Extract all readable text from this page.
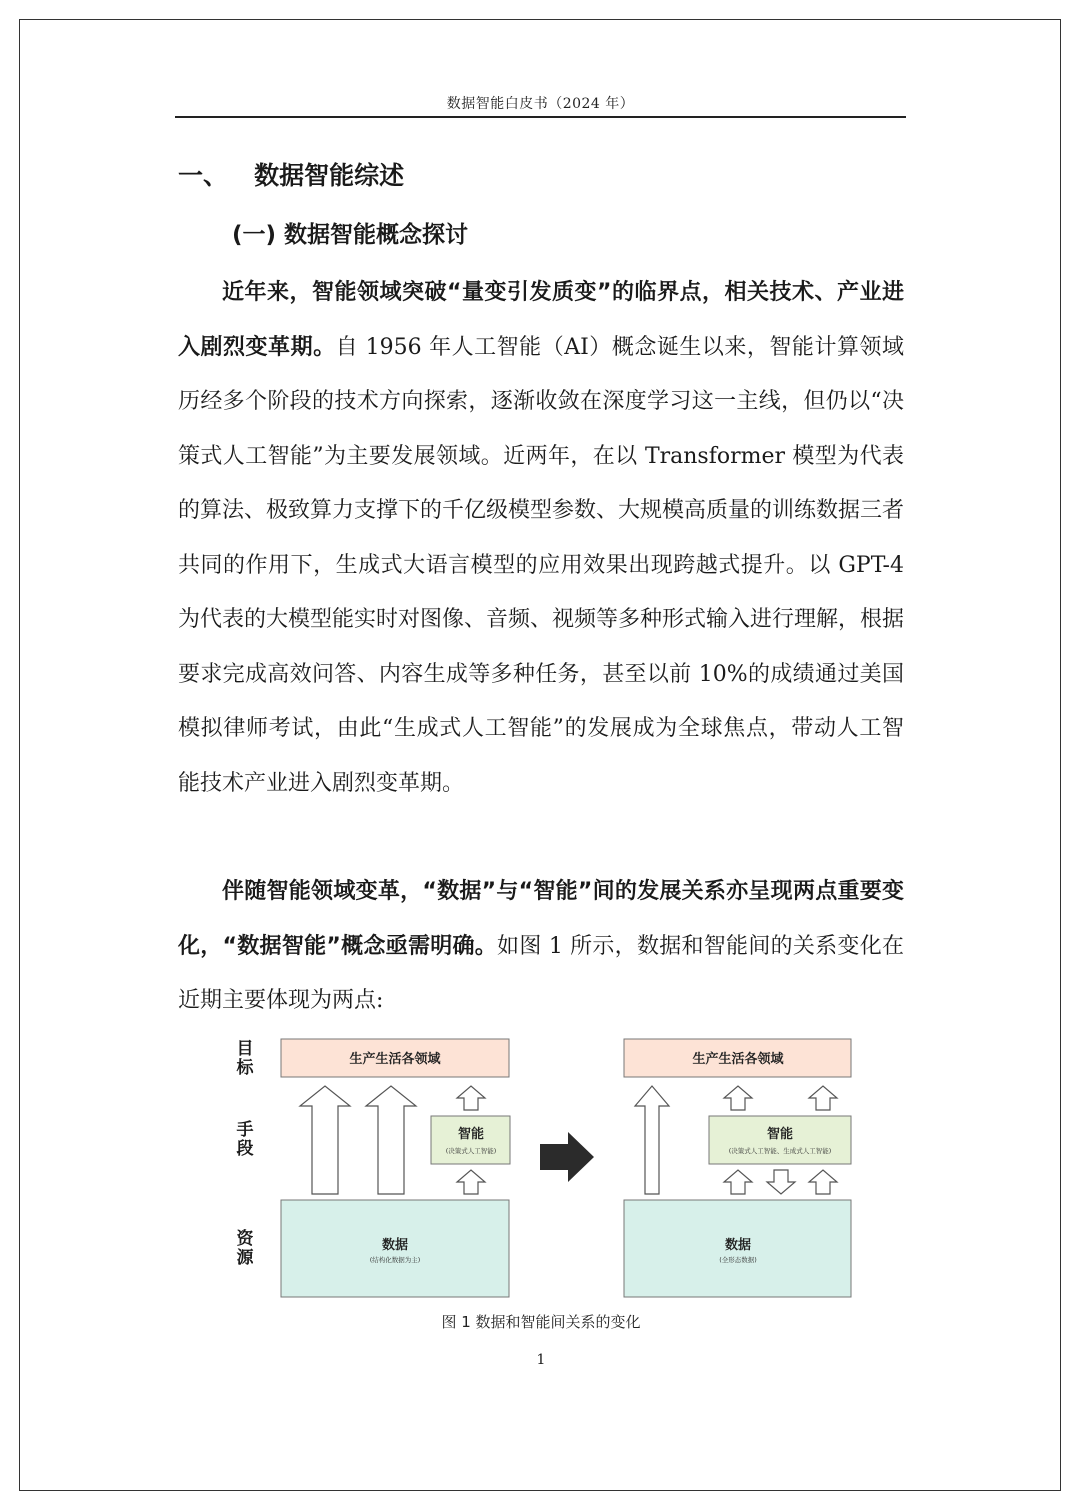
数据智能白皮书（2024 年）
一、   数据智能综述
(一) 数据智能概念探讨

近年来，智能领域突破“量变引发质变”的临界点，相关技术、产业进入剧烈变革期。自 1956 年人工智能（AI）概念诞生以来，智能计算领域历经多个阶段的技术方向探索，逐渐收敛在深度学习这一主线，但仍以“决策式人工智能”为主要发展领域。近两年，在以 Transformer 模型为代表的算法、极致算力支撑下的千亿级模型参数、大规模高质量的训练数据三者共同的作用下，生成式大语言模型的应用效果出现跨越式提升。以 GPT-4 为代表的大模型能实时对图像、音频、视频等多种形式输入进行理解，根据要求完成高效问答、内容生成等多种任务，甚至以前 10%的成绩通过美国模拟律师考试，由此“生成式人工智能”的发展成为全球焦点，带动人工智能技术产业进入剧烈变革期。

伴随智能领域变革，“数据”与“智能”间的发展关系亦呈现两点重要变化，“数据智能”概念亟需明确。如图 1 所示，数据和智能间的关系变化在近期主要体现为两点:

生产生活各领域
智能
(决策式人工智能)
数据
(结构化数据为主)
生产生活各领域
智能
(决策式人工智能、生成式人工智能)
数据
(全形态数据)
目
标
手
段
资
源
图 1 数据和智能间关系的变化
1
